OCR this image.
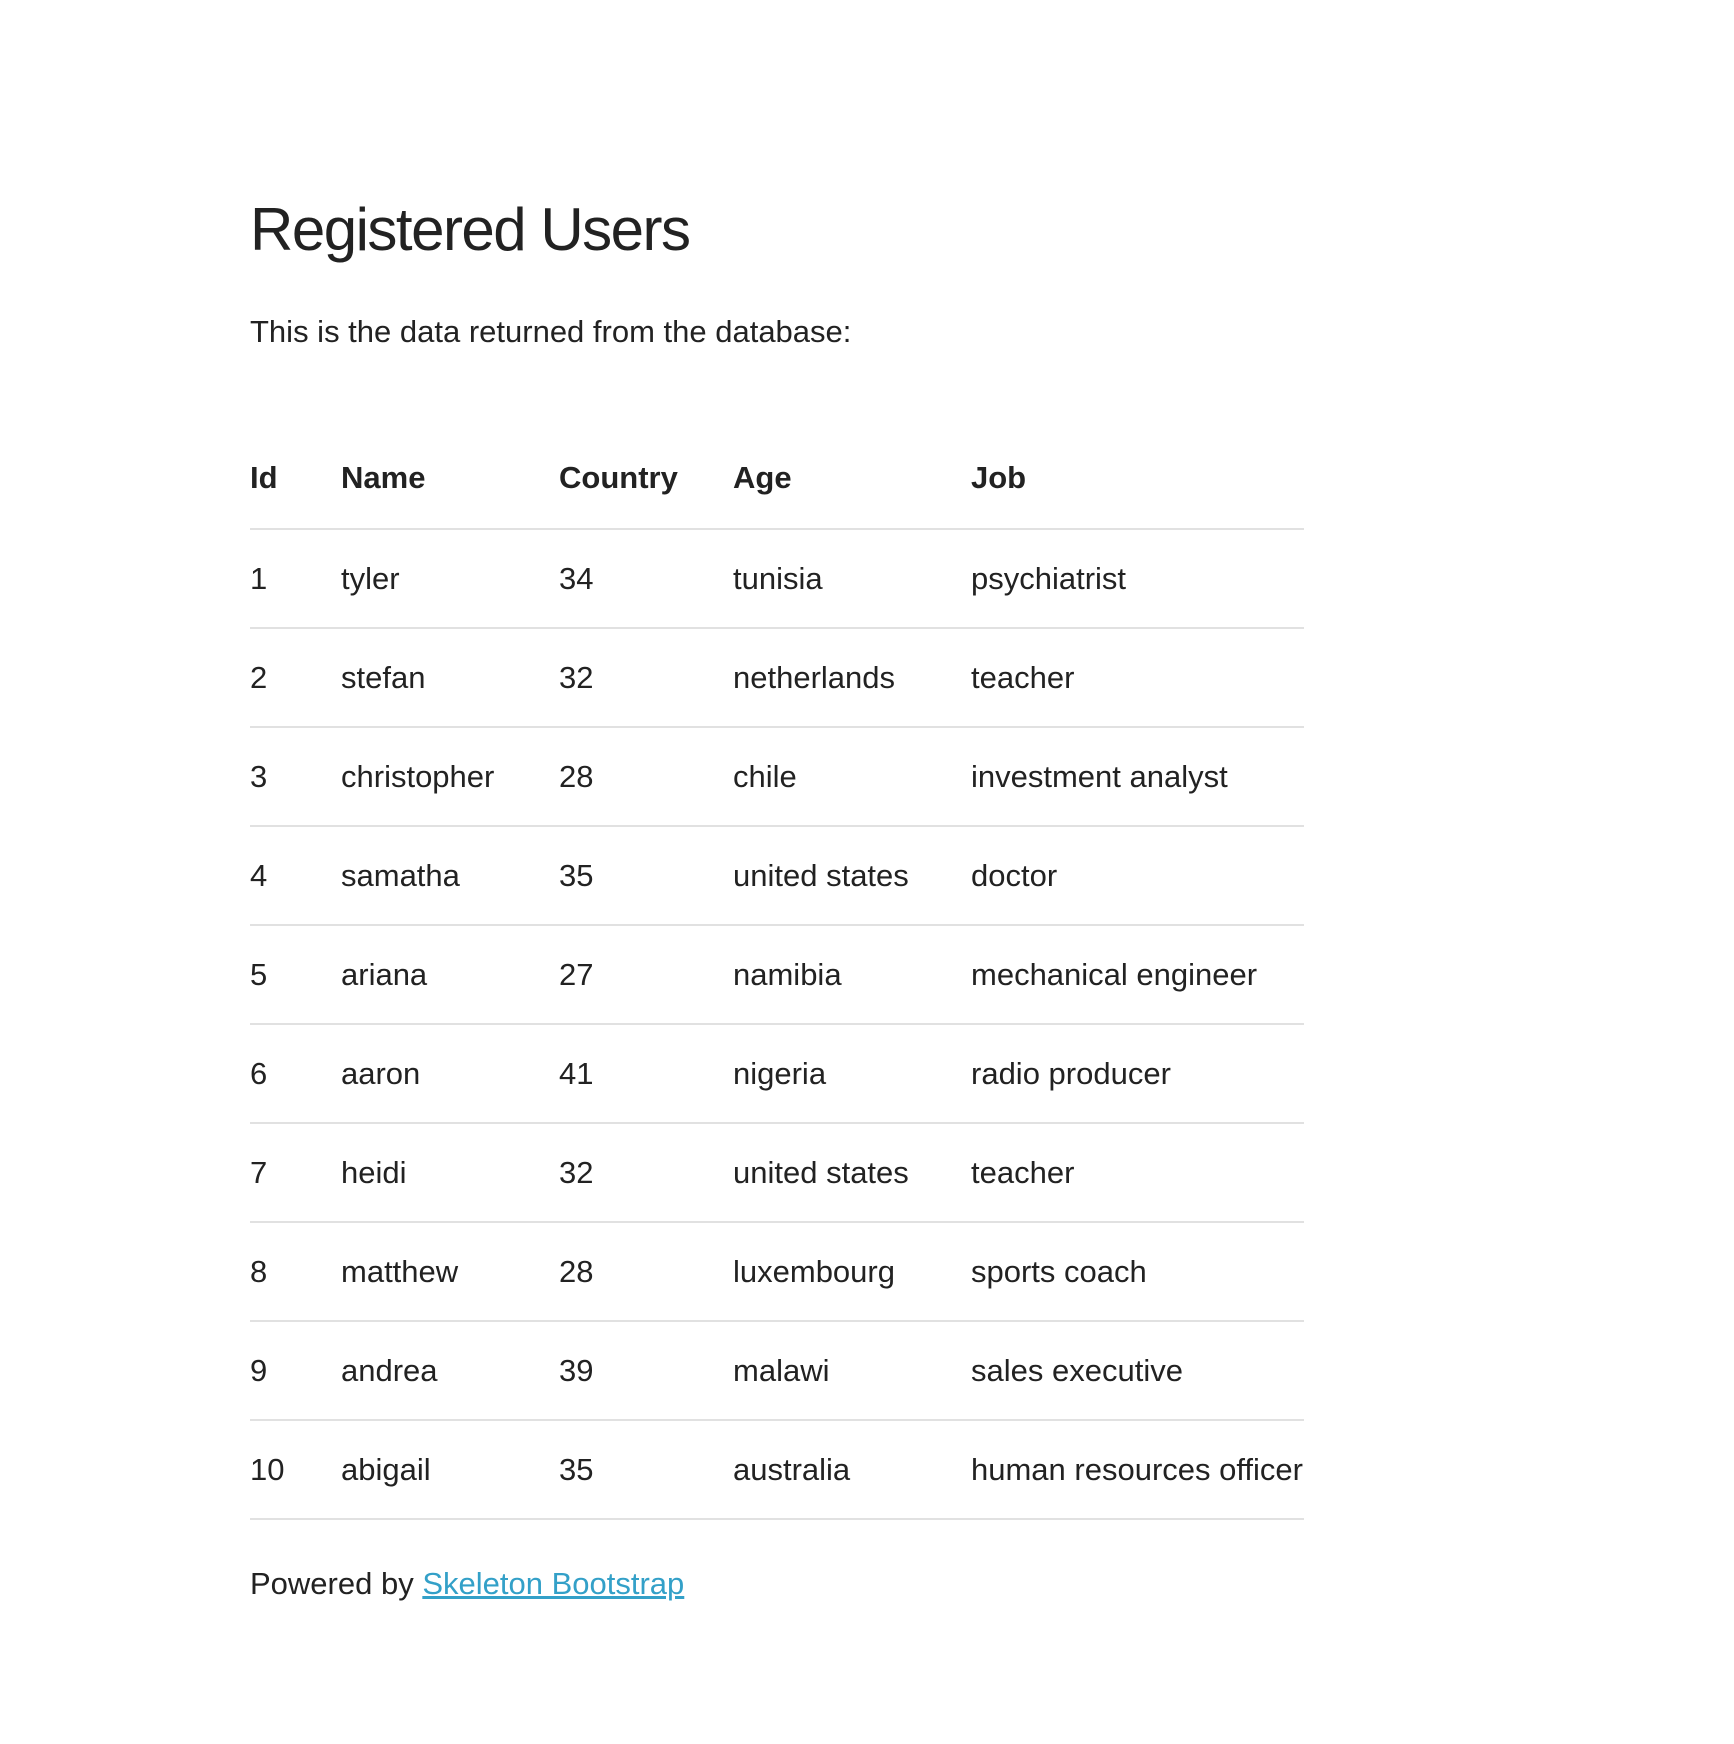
Registered Users

This is the data returned from the database:

Id	Name	Country	Age	Job
1	tyler	34	tunisia	psychiatrist
2	stefan	32	netherlands	teacher
3	christopher	28	chile	investment analyst
4	samatha	35	united states	doctor
5	ariana	27	namibia	mechanical engineer
6	aaron	41	nigeria	radio producer
7	heidi	32	united states	teacher
8	matthew	28	luxembourg	sports coach
9	andrea	39	malawi	sales executive
10	abigail	35	australia	human resources officer

Powered by Skeleton Bootstrap
